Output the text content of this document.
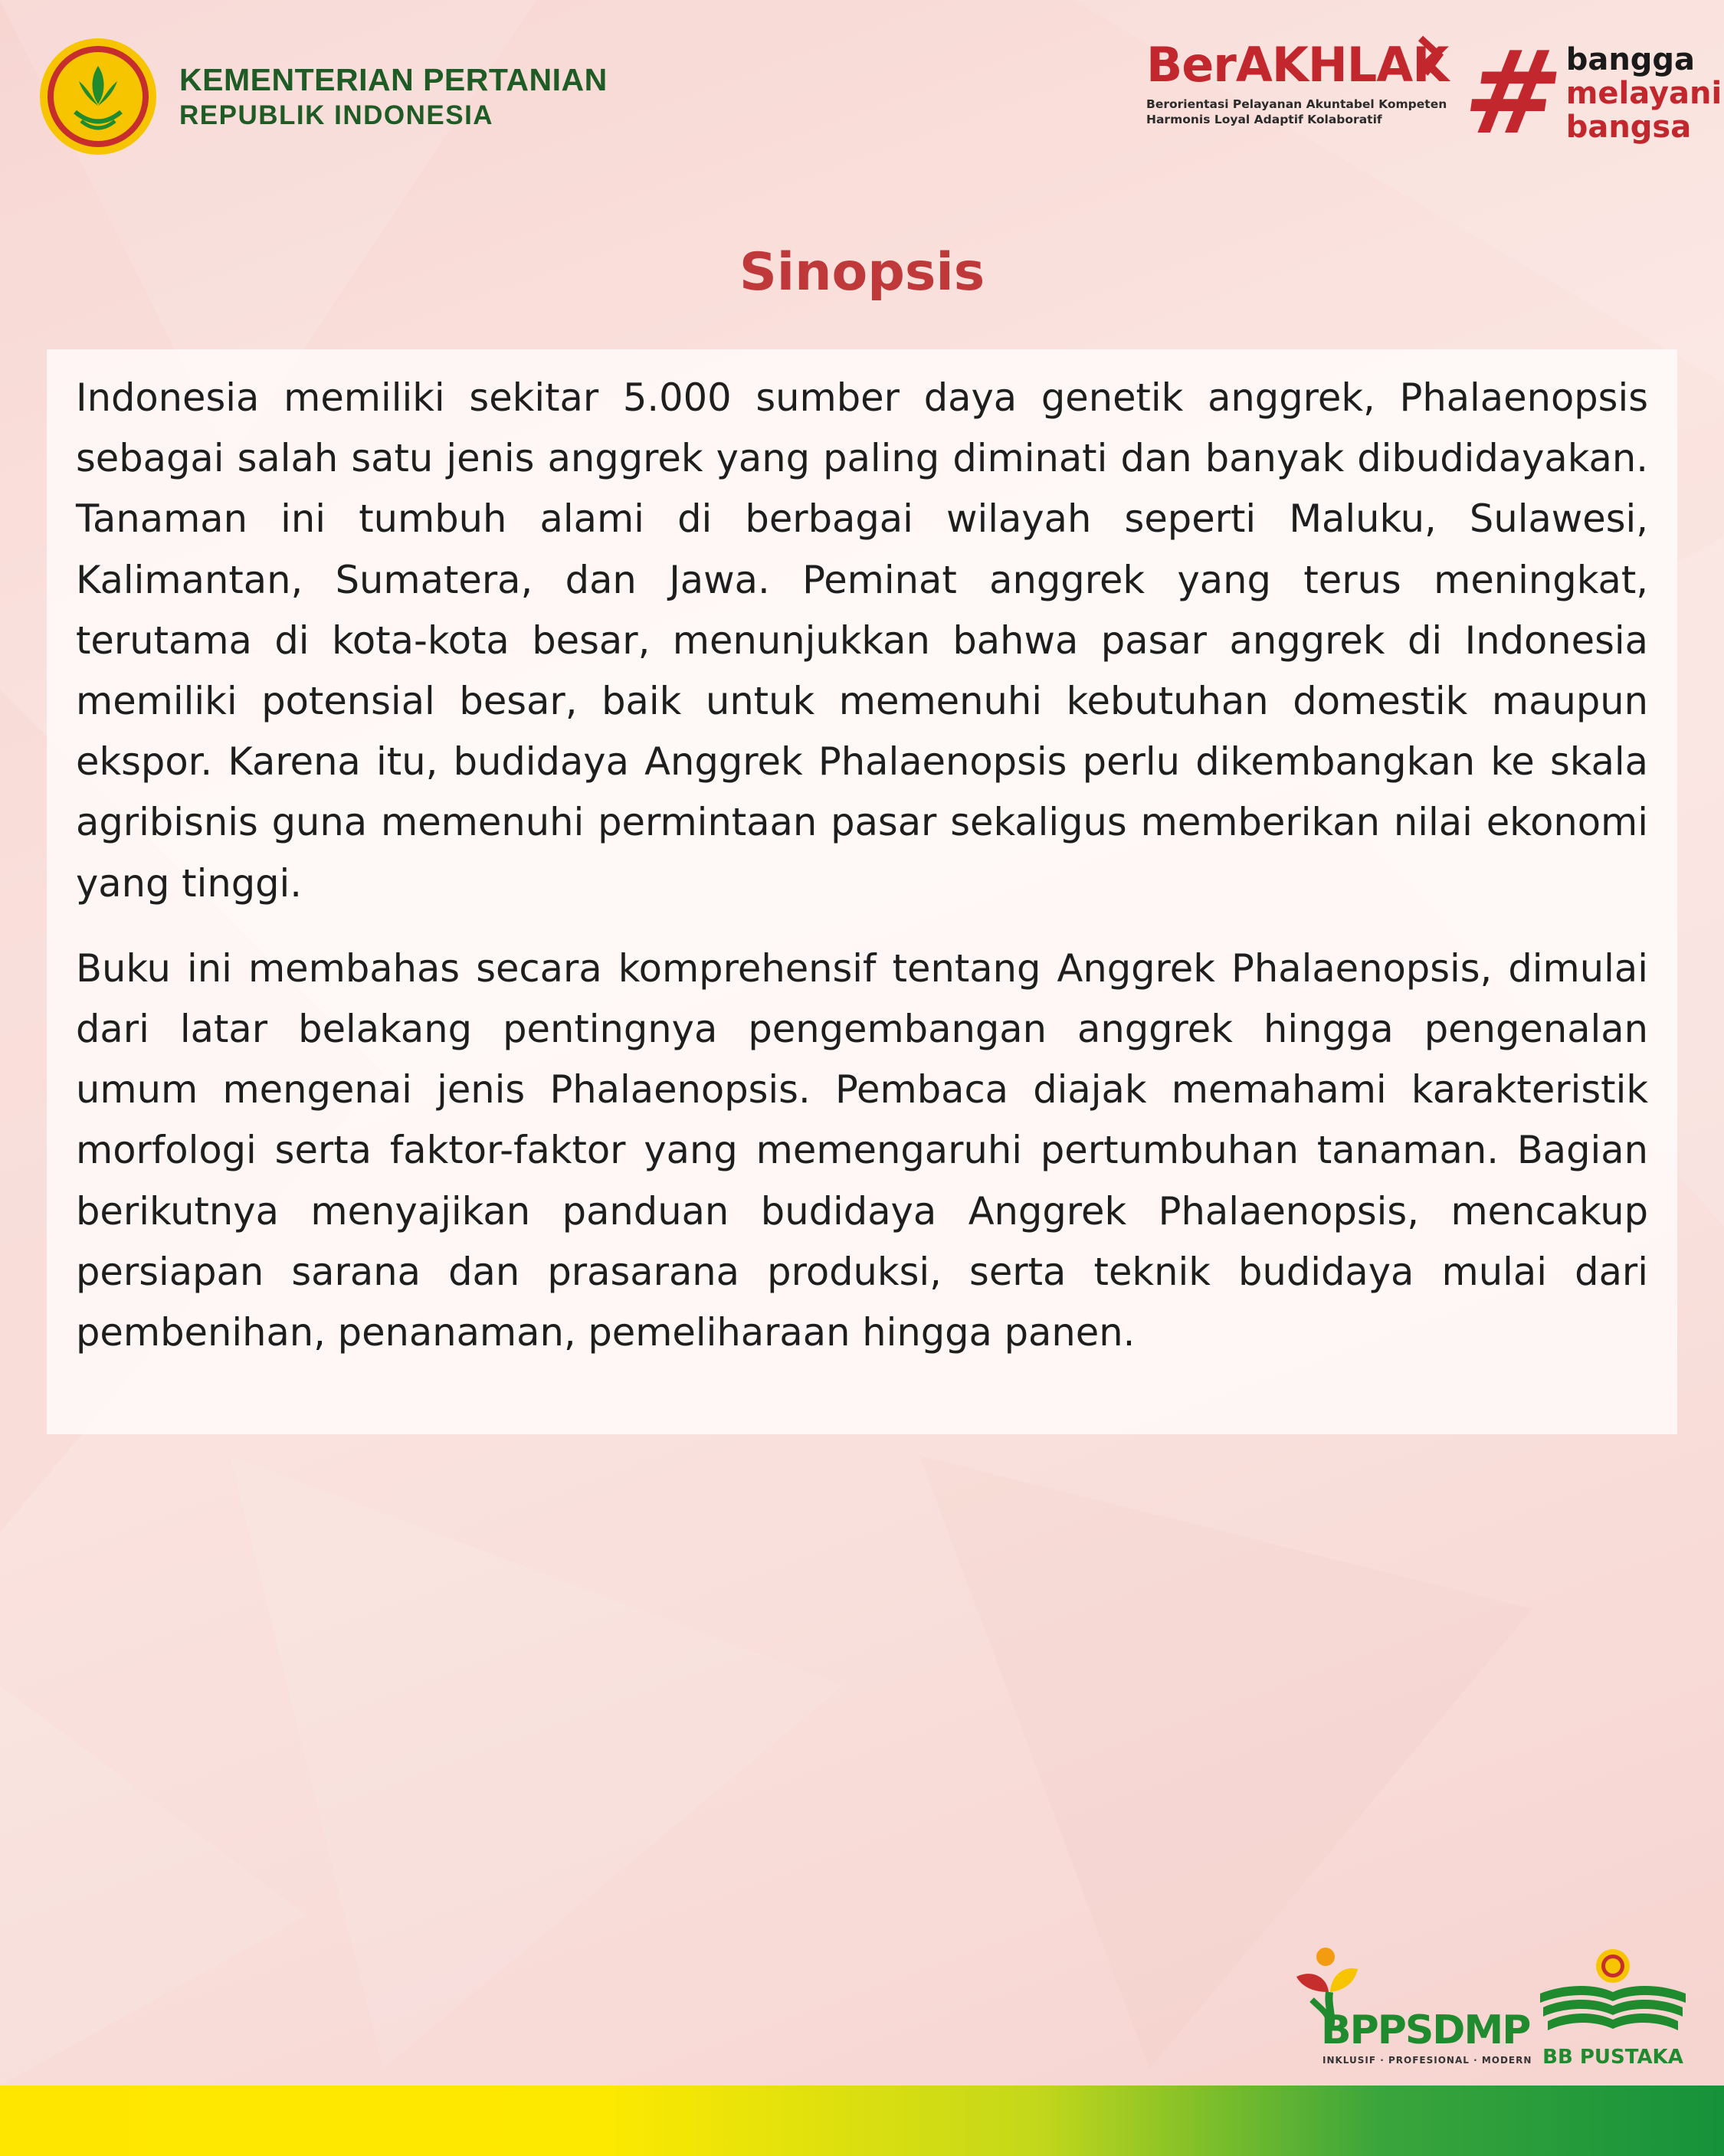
KEMENTERIAN PERTANIAN
REPUBLIK INDONESIA
BerAKHLAK
Berorientasi Pelayanan Akuntabel Kompeten
Harmonis Loyal Adaptif Kolaboratif #
bangga
melayani
bangsa
Sinopsis

Indonesia memiliki sekitar 5.000 sumber daya genetik anggrek, Phalaenopsis sebagai salah satu jenis anggrek yang paling diminati dan banyak dibudidayakan. Tanaman ini tumbuh alami di berbagai wilayah seperti Maluku, Sulawesi, Kalimantan, Sumatera, dan Jawa. Peminat anggrek yang terus meningkat, terutama di kota-kota besar, menunjukkan bahwa pasar anggrek di Indonesia memiliki potensial besar, baik untuk memenuhi kebutuhan domestik maupun ekspor. Karena itu, budidaya Anggrek Phalaenopsis perlu dikembangkan ke skala agribisnis guna memenuhi permintaan pasar sekaligus memberikan nilai ekonomi yang tinggi.

Buku ini membahas secara komprehensif tentang Anggrek Phalaenopsis, dimulai dari latar belakang pentingnya pengembangan anggrek hingga pengenalan umum mengenai jenis Phalaenopsis. Pembaca diajak memahami karakteristik morfologi serta faktor-faktor yang memengaruhi pertumbuhan tanaman. Bagian berikutnya menyajikan panduan budidaya Anggrek Phalaenopsis, mencakup persiapan sarana dan prasarana produksi, serta teknik budidaya mulai dari pembenihan, penanaman, pemeliharaan hingga panen.

BPPSDMP
INKLUSIF · PROFESIONAL · MODERN BB PUSTAKA
